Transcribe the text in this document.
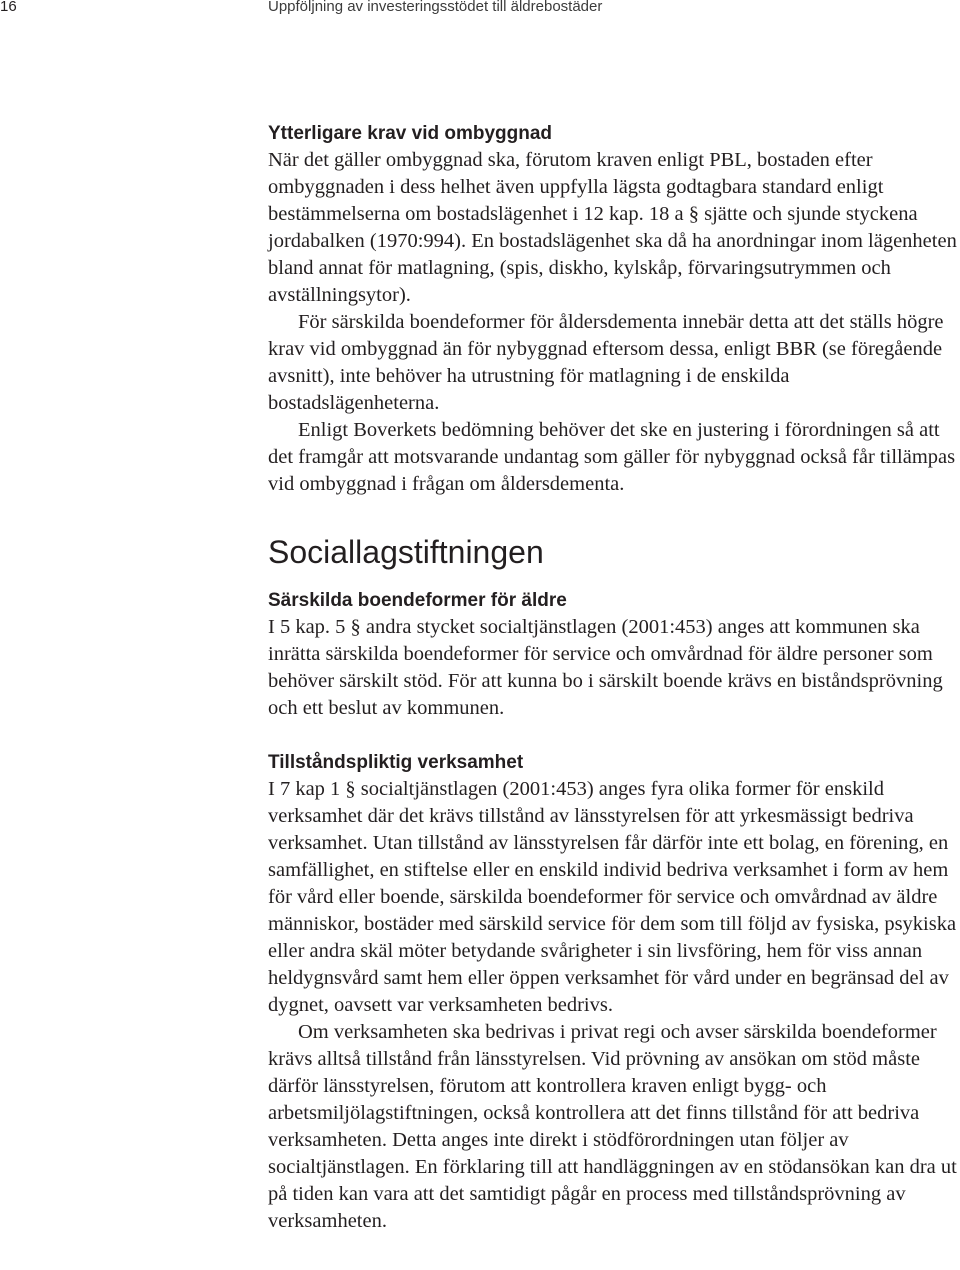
16	Uppföljning av investeringsstödet till äldrebostäder
Ytterligare krav vid ombyggnad

När det gäller ombyggnad ska, förutom kraven enligt PBL, bostaden efter ombyggnaden i dess helhet även uppfylla lägsta godtagbara standard enligt bestämmelserna om bostadslägenhet i 12 kap. 18 a § sjätte och sjunde styckena jordabalken (1970:994). En bostadslägenhet ska då ha anordningar inom lägenheten bland annat för matlagning, (spis, diskho, kylskåp, förvaringsutrymmen och avställningsytor).

För särskilda boendeformer för åldersdementa innebär detta att det ställs högre krav vid ombyggnad än för nybyggnad eftersom dessa, enligt BBR (se föregående avsnitt), inte behöver ha utrustning för matlagning i de enskilda bostadslägenheterna.

Enligt Boverkets bedömning behöver det ske en justering i förordningen så att det framgår att motsvarande undantag som gäller för nybyggnad också får tillämpas vid ombyggnad i frågan om åldersdementa.

Sociallagstiftningen
Särskilda boendeformer för äldre

I 5 kap. 5 § andra stycket socialtjänstlagen (2001:453) anges att kommunen ska inrätta särskilda boendeformer för service och omvårdnad för äldre personer som behöver särskilt stöd. För att kunna bo i särskilt boende krävs en biståndsprövning och ett beslut av kommunen.

Tillståndspliktig verksamhet

I 7 kap 1 § socialtjänstlagen (2001:453) anges fyra olika former för enskild verksamhet där det krävs tillstånd av länsstyrelsen för att yrkesmässigt bedriva verksamhet. Utan tillstånd av länsstyrelsen får därför inte ett bolag, en förening, en samfällighet, en stiftelse eller en enskild individ bedriva verksamhet i form av hem för vård eller boende, särskilda boendeformer för service och omvårdnad av äldre människor, bostäder med särskild service för dem som till följd av fysiska, psykiska eller andra skäl möter betydande svårigheter i sin livsföring, hem för viss annan heldygnsvård samt hem eller öppen verksamhet för vård under en begränsad del av dygnet, oavsett var verksamheten bedrivs.

Om verksamheten ska bedrivas i privat regi och avser särskilda boendeformer krävs alltså tillstånd från länsstyrelsen. Vid prövning av ansökan om stöd måste därför länsstyrelsen, förutom att kontrollera kraven enligt bygg- och arbetsmiljölagstiftningen, också kontrollera att det finns tillstånd för att bedriva verksamheten. Detta anges inte direkt i stödförordningen utan följer av socialtjänstlagen. En förklaring till att handläggningen av en stödansökan kan dra ut på tiden kan vara att det samtidigt pågår en process med tillståndsprövning av verksamheten.
